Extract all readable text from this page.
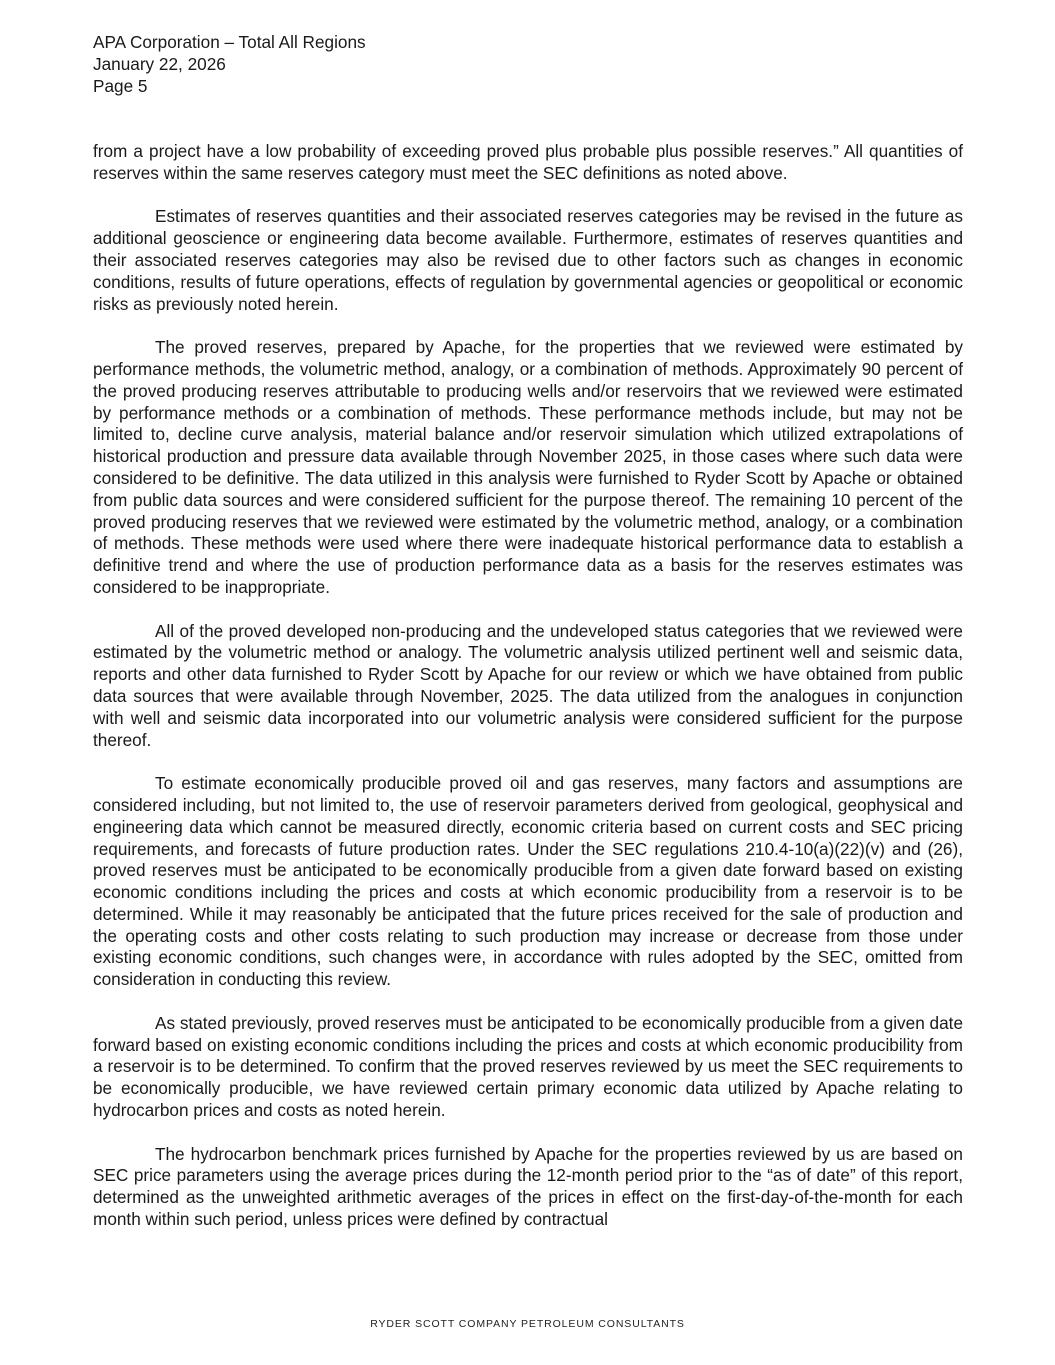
APA Corporation – Total All Regions
January 22, 2026
Page 5

from a project have a low probability of exceeding proved plus probable plus possible reserves.” All quantities of reserves within the same reserves category must meet the SEC definitions as noted above.

Estimates of reserves quantities and their associated reserves categories may be revised in the future as additional geoscience or engineering data become available. Furthermore, estimates of reserves quantities and their associated reserves categories may also be revised due to other factors such as changes in economic conditions, results of future operations, effects of regulation by governmental agencies or geopolitical or economic risks as previously noted herein.

The proved reserves, prepared by Apache, for the properties that we reviewed were estimated by performance methods, the volumetric method, analogy, or a combination of methods. Approximately 90 percent of the proved producing reserves attributable to producing wells and/or reservoirs that we reviewed were estimated by performance methods or a combination of methods. These performance methods include, but may not be limited to, decline curve analysis, material balance and/or reservoir simulation which utilized extrapolations of historical production and pressure data available through November 2025, in those cases where such data were considered to be definitive. The data utilized in this analysis were furnished to Ryder Scott by Apache or obtained from public data sources and were considered sufficient for the purpose thereof. The remaining 10 percent of the proved producing reserves that we reviewed were estimated by the volumetric method, analogy, or a combination of methods. These methods were used where there were inadequate historical performance data to establish a definitive trend and where the use of production performance data as a basis for the reserves estimates was considered to be inappropriate.

All of the proved developed non-producing and the undeveloped status categories that we reviewed were estimated by the volumetric method or analogy. The volumetric analysis utilized pertinent well and seismic data, reports and other data furnished to Ryder Scott by Apache for our review or which we have obtained from public data sources that were available through November, 2025. The data utilized from the analogues in conjunction with well and seismic data incorporated into our volumetric analysis were considered sufficient for the purpose thereof.

To estimate economically producible proved oil and gas reserves, many factors and assumptions are considered including, but not limited to, the use of reservoir parameters derived from geological, geophysical and engineering data which cannot be measured directly, economic criteria based on current costs and SEC pricing requirements, and forecasts of future production rates. Under the SEC regulations 210.4-10(a)(22)(v) and (26), proved reserves must be anticipated to be economically producible from a given date forward based on existing economic conditions including the prices and costs at which economic producibility from a reservoir is to be determined. While it may reasonably be anticipated that the future prices received for the sale of production and the operating costs and other costs relating to such production may increase or decrease from those under existing economic conditions, such changes were, in accordance with rules adopted by the SEC, omitted from consideration in conducting this review.

As stated previously, proved reserves must be anticipated to be economically producible from a given date forward based on existing economic conditions including the prices and costs at which economic producibility from a reservoir is to be determined. To confirm that the proved reserves reviewed by us meet the SEC requirements to be economically producible, we have reviewed certain primary economic data utilized by Apache relating to hydrocarbon prices and costs as noted herein.

The hydrocarbon benchmark prices furnished by Apache for the properties reviewed by us are based on SEC price parameters using the average prices during the 12-month period prior to the “as of date” of this report, determined as the unweighted arithmetic averages of the prices in effect on the first-day-of-the-month for each month within such period, unless prices were defined by contractual

RYDER SCOTT COMPANY PETROLEUM CONSULTANTS
